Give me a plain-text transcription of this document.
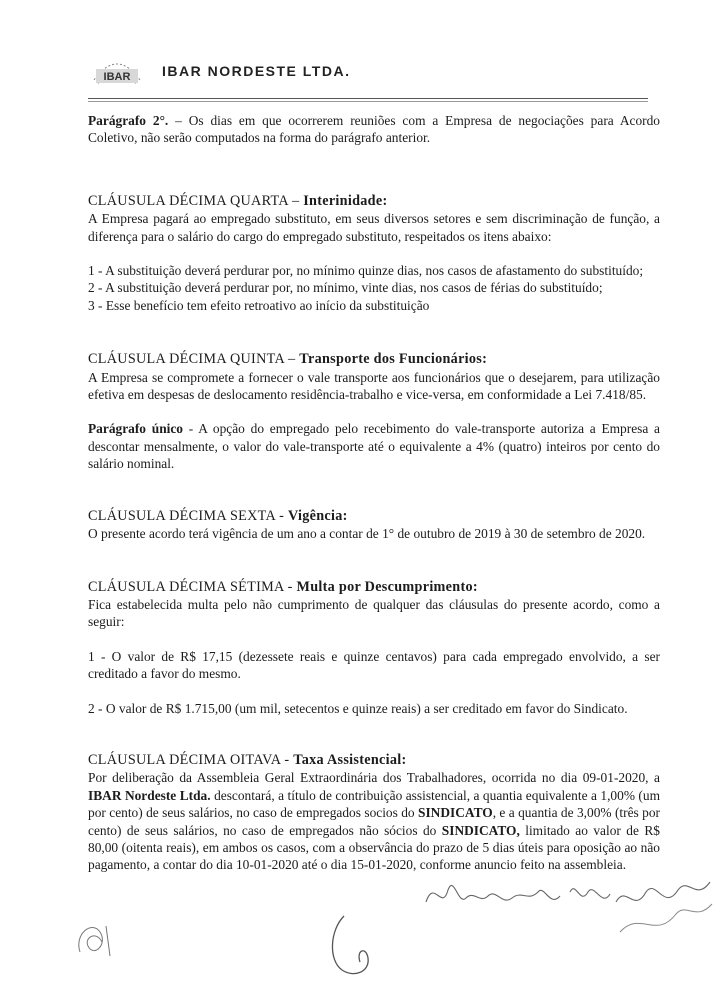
IBAR IBAR NORDESTE LTDA.

Parágrafo 2°. – Os dias em que ocorrerem reuniões com a Empresa de negociações para Acordo Coletivo, não serão computados na forma do parágrafo anterior.

CLÁUSULA DÉCIMA QUARTA – Interinidade:

A Empresa pagará ao empregado substituto, em seus diversos setores e sem discriminação de função, a diferença para o salário do cargo do empregado substituto, respeitados os itens abaixo:

1 - A substituição deverá perdurar por, no mínimo quinze dias, nos casos de afastamento do substituído;

2 - A substituição deverá perdurar por, no mínimo, vinte dias, nos casos de férias do substituído;

3 - Esse benefício tem efeito retroativo ao início da substituição

CLÁUSULA DÉCIMA QUINTA – Transporte dos Funcionários:

A Empresa se compromete a fornecer o vale transporte aos funcionários que o desejarem, para utilização efetiva em despesas de deslocamento residência-trabalho e vice-versa, em conformidade a Lei 7.418/85.

Parágrafo único - A opção do empregado pelo recebimento do vale-transporte autoriza a Empresa a descontar mensalmente, o valor do vale-transporte até o equivalente a 4% (quatro) inteiros por cento do salário nominal.

CLÁUSULA DÉCIMA SEXTA - Vigência:

O presente acordo terá vigência de um ano a contar de 1° de outubro de 2019 à 30 de setembro de 2020.

CLÁUSULA DÉCIMA SÉTIMA - Multa por Descumprimento:

Fica estabelecida multa pelo não cumprimento de qualquer das cláusulas do presente acordo, como a seguir:

1 - O valor de R$ 17,15 (dezessete reais e quinze centavos) para cada empregado envolvido, a ser creditado a favor do mesmo.

2 - O valor de R$ 1.715,00 (um mil, setecentos e quinze reais) a ser creditado em favor do Sindicato.

CLÁUSULA DÉCIMA OITAVA - Taxa Assistencial:

Por deliberação da Assembleia Geral Extraordinária dos Trabalhadores, ocorrida no dia 09-01-2020, a IBAR Nordeste Ltda. descontará, a título de contribuição assistencial, a quantia equivalente a 1,00% (um por cento) de seus salários, no caso de empregados socios do SINDICATO, e a quantia de 3,00% (três por cento) de seus salários, no caso de empregados não sócios do SINDICATO, limitado ao valor de R$ 80,00 (oitenta reais), em ambos os casos, com a observância do prazo de 5 dias úteis para oposição ao não pagamento, a contar do dia 10-01-2020 até o dia 15-01-2020, conforme anuncio feito na assembleia.
